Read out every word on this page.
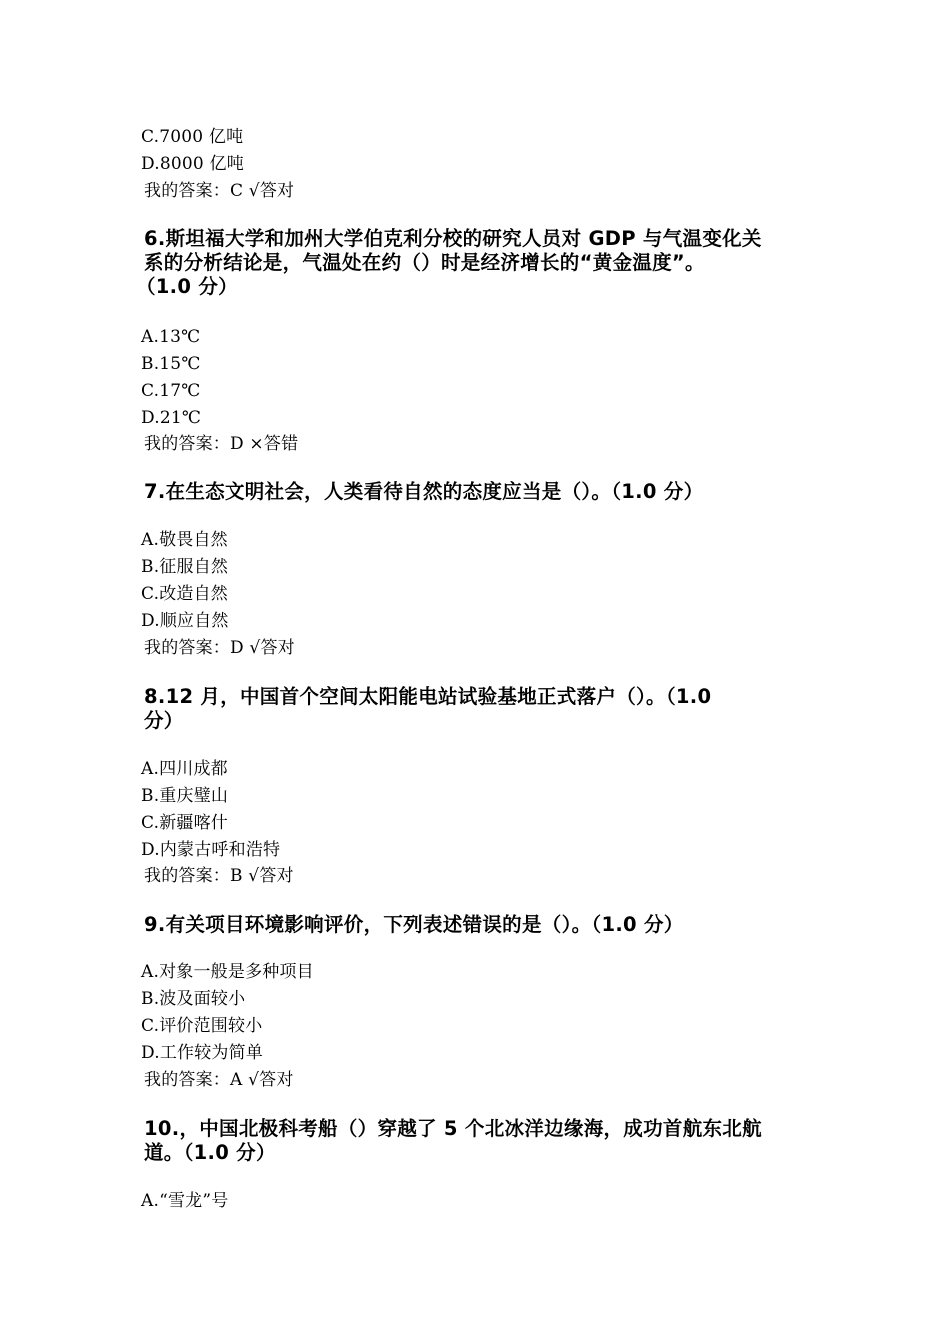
C.7000 亿吨
D.8000 亿吨
我的答案：C √答对
6.斯坦福大学和加州大学伯克利分校的研究人员对 GDP 与气温变化关
系的分析结论是，气温处在约（）时是经济增长的“黄金温度”。
（1.0 分）
A.13℃
B.15℃
C.17℃
D.21℃
我的答案：D ×答错
7.在生态文明社会，人类看待自然的态度应当是（）。（1.0 分）
A.敬畏自然
B.征服自然
C.改造自然
D.顺应自然
我的答案：D √答对
8.12 月，中国首个空间太阳能电站试验基地正式落户（）。（1.0
分）
A.四川成都
B.重庆璧山
C.新疆喀什
D.内蒙古呼和浩特
我的答案：B √答对
9.有关项目环境影响评价，下列表述错误的是（）。（1.0 分）
A.对象一般是多种项目
B.波及面较小
C.评价范围较小
D.工作较为简单
我的答案：A √答对
10.，中国北极科考船（）穿越了 5 个北冰洋边缘海，成功首航东北航
道。（1.0 分）
A.“雪龙”号
